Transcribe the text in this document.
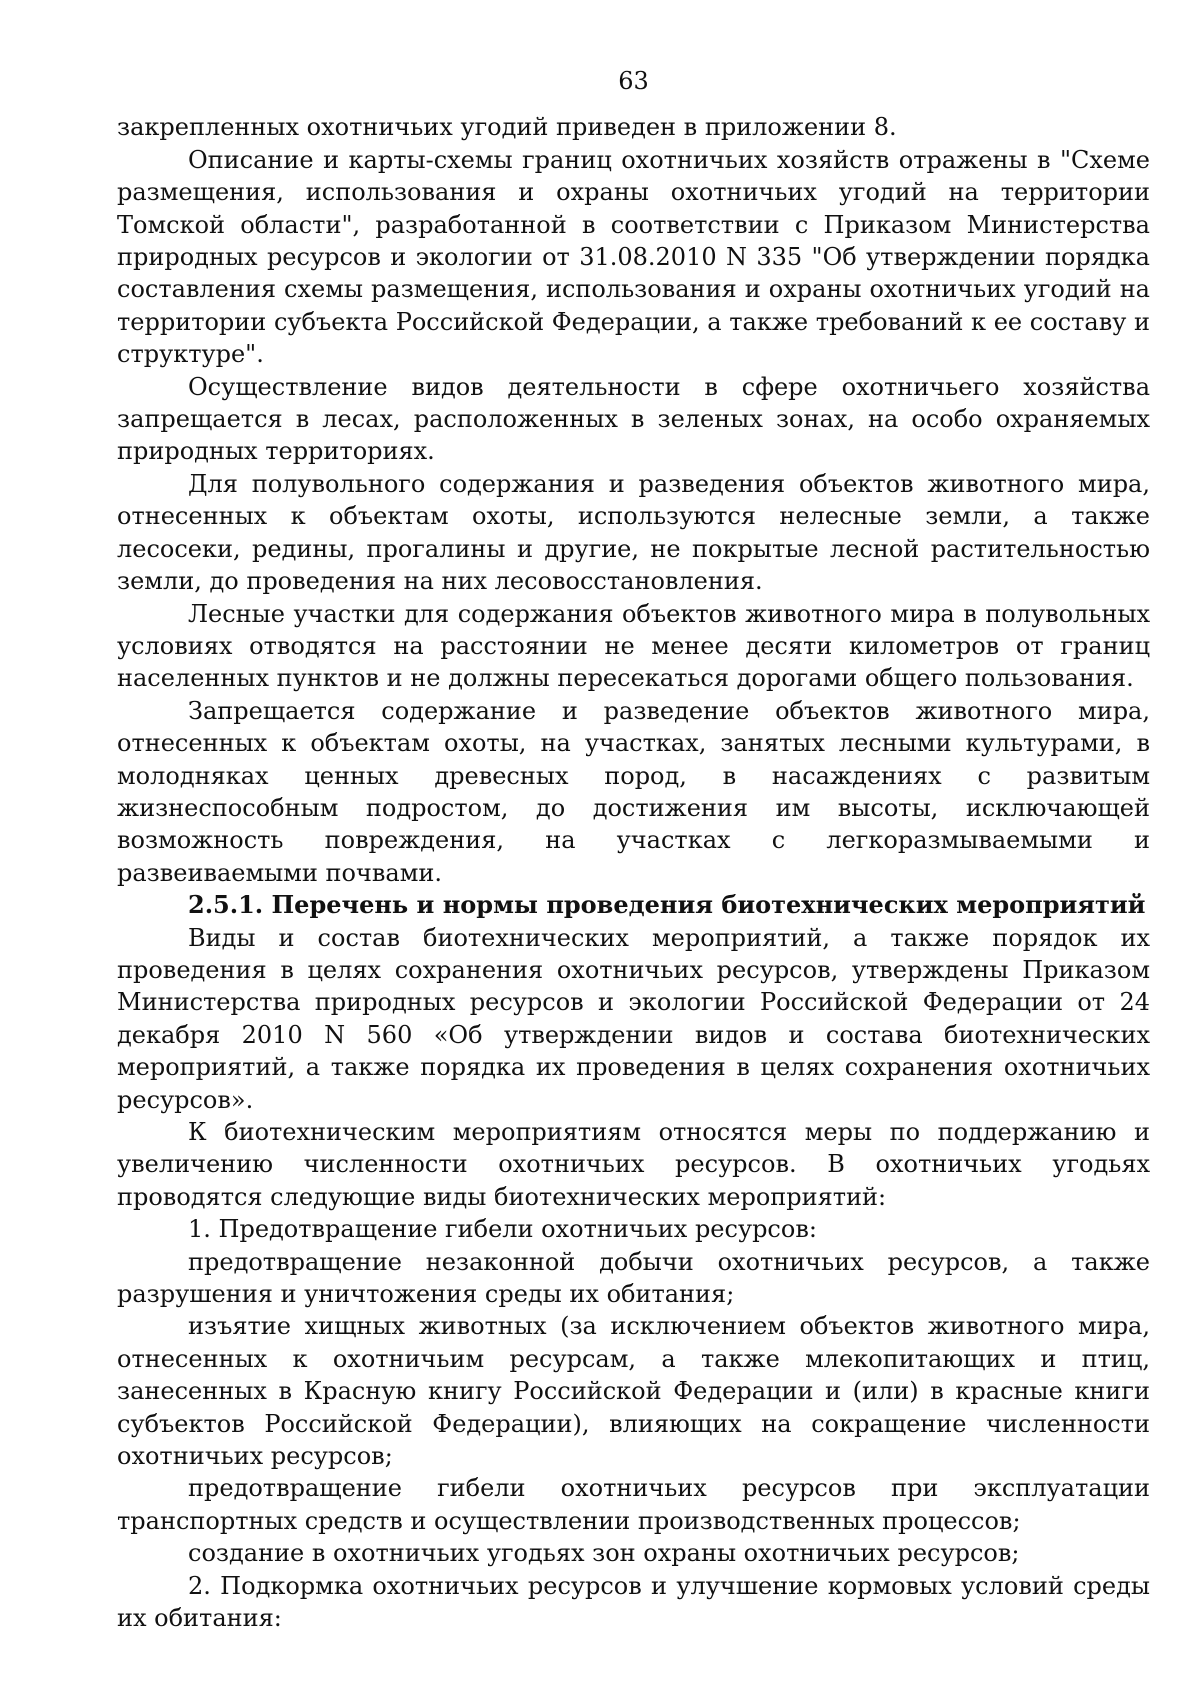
63

закрепленных охотничьих угодий приведен в приложении 8.

Описание и карты-схемы границ охотничьих хозяйств отражены в "Схеме размещения, использования и охраны охотничьих угодий на территории Томской области", разработанной в соответствии с Приказом Министерства природных ресурсов и экологии от 31.08.2010 N 335 "Об утверждении порядка составления схемы размещения, использования и охраны охотничьих угодий на территории субъекта Российской Федерации, а также требований к ее составу и структуре".

Осуществление видов деятельности в сфере охотничьего хозяйства запрещается в лесах, расположенных в зеленых зонах, на особо охраняемых природных территориях.

Для полувольного содержания и разведения объектов животного мира, отнесенных к объектам охоты, используются нелесные земли, а также лесосеки, редины, прогалины и другие, не покрытые лесной растительностью земли, до проведения на них лесовосстановления.

Лесные участки для содержания объектов животного мира в полувольных условиях отводятся на расстоянии не менее десяти километров от границ населенных пунктов и не должны пересекаться дорогами общего пользования.

Запрещается содержание и разведение объектов животного мира, отнесенных к объектам охоты, на участках, занятых лесными культурами, в молодняках ценных древесных пород, в насаждениях с развитым жизнеспособным подростом, до достижения им высоты, исключающей возможность повреждения, на участках с легкоразмываемыми и развеиваемыми почвами.

2.5.1. Перечень и нормы проведения биотехнических мероприятий

Виды и состав биотехнических мероприятий, а также порядок их проведения в целях сохранения охотничьих ресурсов, утверждены Приказом Министерства природных ресурсов и экологии Российской Федерации от 24 декабря 2010 N 560 «Об утверждении видов и состава биотехнических мероприятий, а также порядка их проведения в целях сохранения охотничьих ресурсов».

К биотехническим мероприятиям относятся меры по поддержанию и увеличению численности охотничьих ресурсов. В охотничьих угодьях проводятся следующие виды биотехнических мероприятий:

1. Предотвращение гибели охотничьих ресурсов:

предотвращение незаконной добычи охотничьих ресурсов, а также разрушения и уничтожения среды их обитания;

изъятие хищных животных (за исключением объектов животного мира, отнесенных к охотничьим ресурсам, а также млекопитающих и птиц, занесенных в Красную книгу Российской Федерации и (или) в красные книги субъектов Российской Федерации), влияющих на сокращение численности охотничьих ресурсов;

предотвращение гибели охотничьих ресурсов при эксплуатации транспортных средств и осуществлении производственных процессов;

создание в охотничьих угодьях зон охраны охотничьих ресурсов;

2. Подкормка охотничьих ресурсов и улучшение кормовых условий среды их обитания:
